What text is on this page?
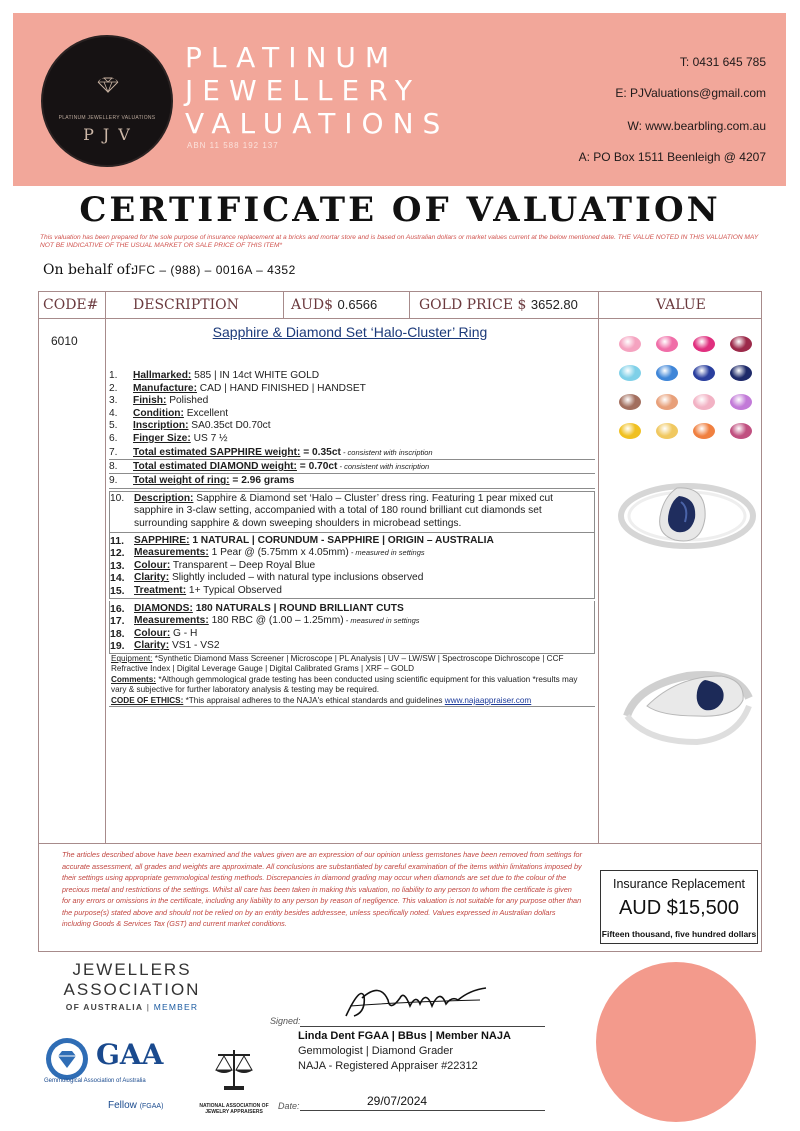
PLATINUM JEWELLERY VALUATIONS
PJV
PLATINUM
JEWELLERY
VALUATIONS
ABN 11 588 192 137
T: 0431 645 785
E: PJValuations@gmail.com
W: www.bearbling.com.au
A: PO Box 1511 Beenleigh @ 4207
CERTIFICATE OF VALUATION
This valuation has been prepared for the sole purpose of insurance replacement at a bricks and mortar store and is based on Australian dollars or market values current at the below mentioned date. THE VALUE NOTED IN THIS VALUATION MAY NOT BE INDICATIVE OF THE USUAL MARKET OR SALE PRICE OF THIS ITEM*
On behalf of:
JFC – (988) – 0016A – 4352
CODE# DESCRIPTION	AUD$ 0.6566	GOLD PRICE $ 3652.80	VALUE
6010
Sapphire & Diamond Set ‘Halo-Cluster’ Ring
1.	Hallmarked: 585 | IN 14ct WHITE GOLD
2.	Manufacture: CAD | HAND FINISHED | HANDSET
3.	Finish: Polished
4.	Condition: Excellent
5.	Inscription: SA0.35ct D0.70ct
6.	Finger Size: US 7 ½
7.	Total estimated SAPPHIRE weight: = 0.35ct - consistent with inscription
8.	Total estimated DIAMOND weight: = 0.70ct - consistent with inscription
9.	Total weight of ring: = 2.96 grams
10. Description: Sapphire & Diamond set ‘Halo – Cluster’ dress ring. Featuring 1 pear mixed cut sapphire in 3-claw setting, accompanied with a total of 180 round brilliant cut diamonds set surrounding sapphire & down sweeping shoulders in microbead settings.
11. SAPPHIRE: 1 NATURAL | CORUNDUM - SAPPHIRE | ORIGIN – AUSTRALIA
12. Measurements: 1 Pear @ (5.75mm x 4.05mm) - measured in settings
13. Colour: Transparent – Deep Royal Blue
14. Clarity: Slightly included – with natural type inclusions observed
15. Treatment: 1+ Typical Observed
16. DIAMONDS: 180 NATURALS | ROUND BRILLIANT CUTS
17. Measurements: 180 RBC @ (1.00 – 1.25mm) - measured in settings
18. Colour: G - H
19. Clarity: VS1 - VS2
Equipment: *Synthetic Diamond Mass Screener | Microscope | PL Analysis | UV – LW/SW | Spectroscope Dichroscope | CCF Refractive Index | Digital Leverage Gauge | Digital Calibrated Grams | XRF – GOLD
Comments: *Although gemmological grade testing has been conducted using scientific equipment for this valuation *results may vary & subjective for further laboratory analysis & testing may be required.
CODE OF ETHICS: *This appraisal adheres to the NAJA's ethical standards and guidelines www.najaappraiser.com
The articles described above have been examined and the values given are an expression of our opinion unless gemstones have been removed from settings for accurate assessment, all grades and weights are approximate. All conclusions are substantiated by careful examination of the items within limitations imposed by their settings using appropriate gemmological testing methods. Discrepancies in diamond grading may occur when diamonds are set due to the colour of the precious metal and restrictions of the settings. Whilst all care has been taken in making this valuation, no liability to any person to whom the certificate is given for any errors or omissions in the certificate, including any liability to any person by reason of negligence. This valuation is not suitable for any purpose other than the purpose(s) stated above and should not be relied on by an entity besides addressee, unless specifically noted. Values expressed in Australian dollars including Goods & Services Tax (GST) and current market conditions.
Insurance Replacement
AUD $15,500
Fifteen thousand, five hundred dollars
JEWELLERS
ASSOCIATION
OF AUSTRALIA | MEMBER
GAA
Gemmological Association of Australia
Fellow (FGAA)	NATIONAL ASSOCIATION OF JEWELRY APPRAISERS
Signed:
Linda Dent FGAA | BBus | Member NAJA
Gemmologist | Diamond Grader
NAJA - Registered Appraiser #22312
Date:	29/07/2024
